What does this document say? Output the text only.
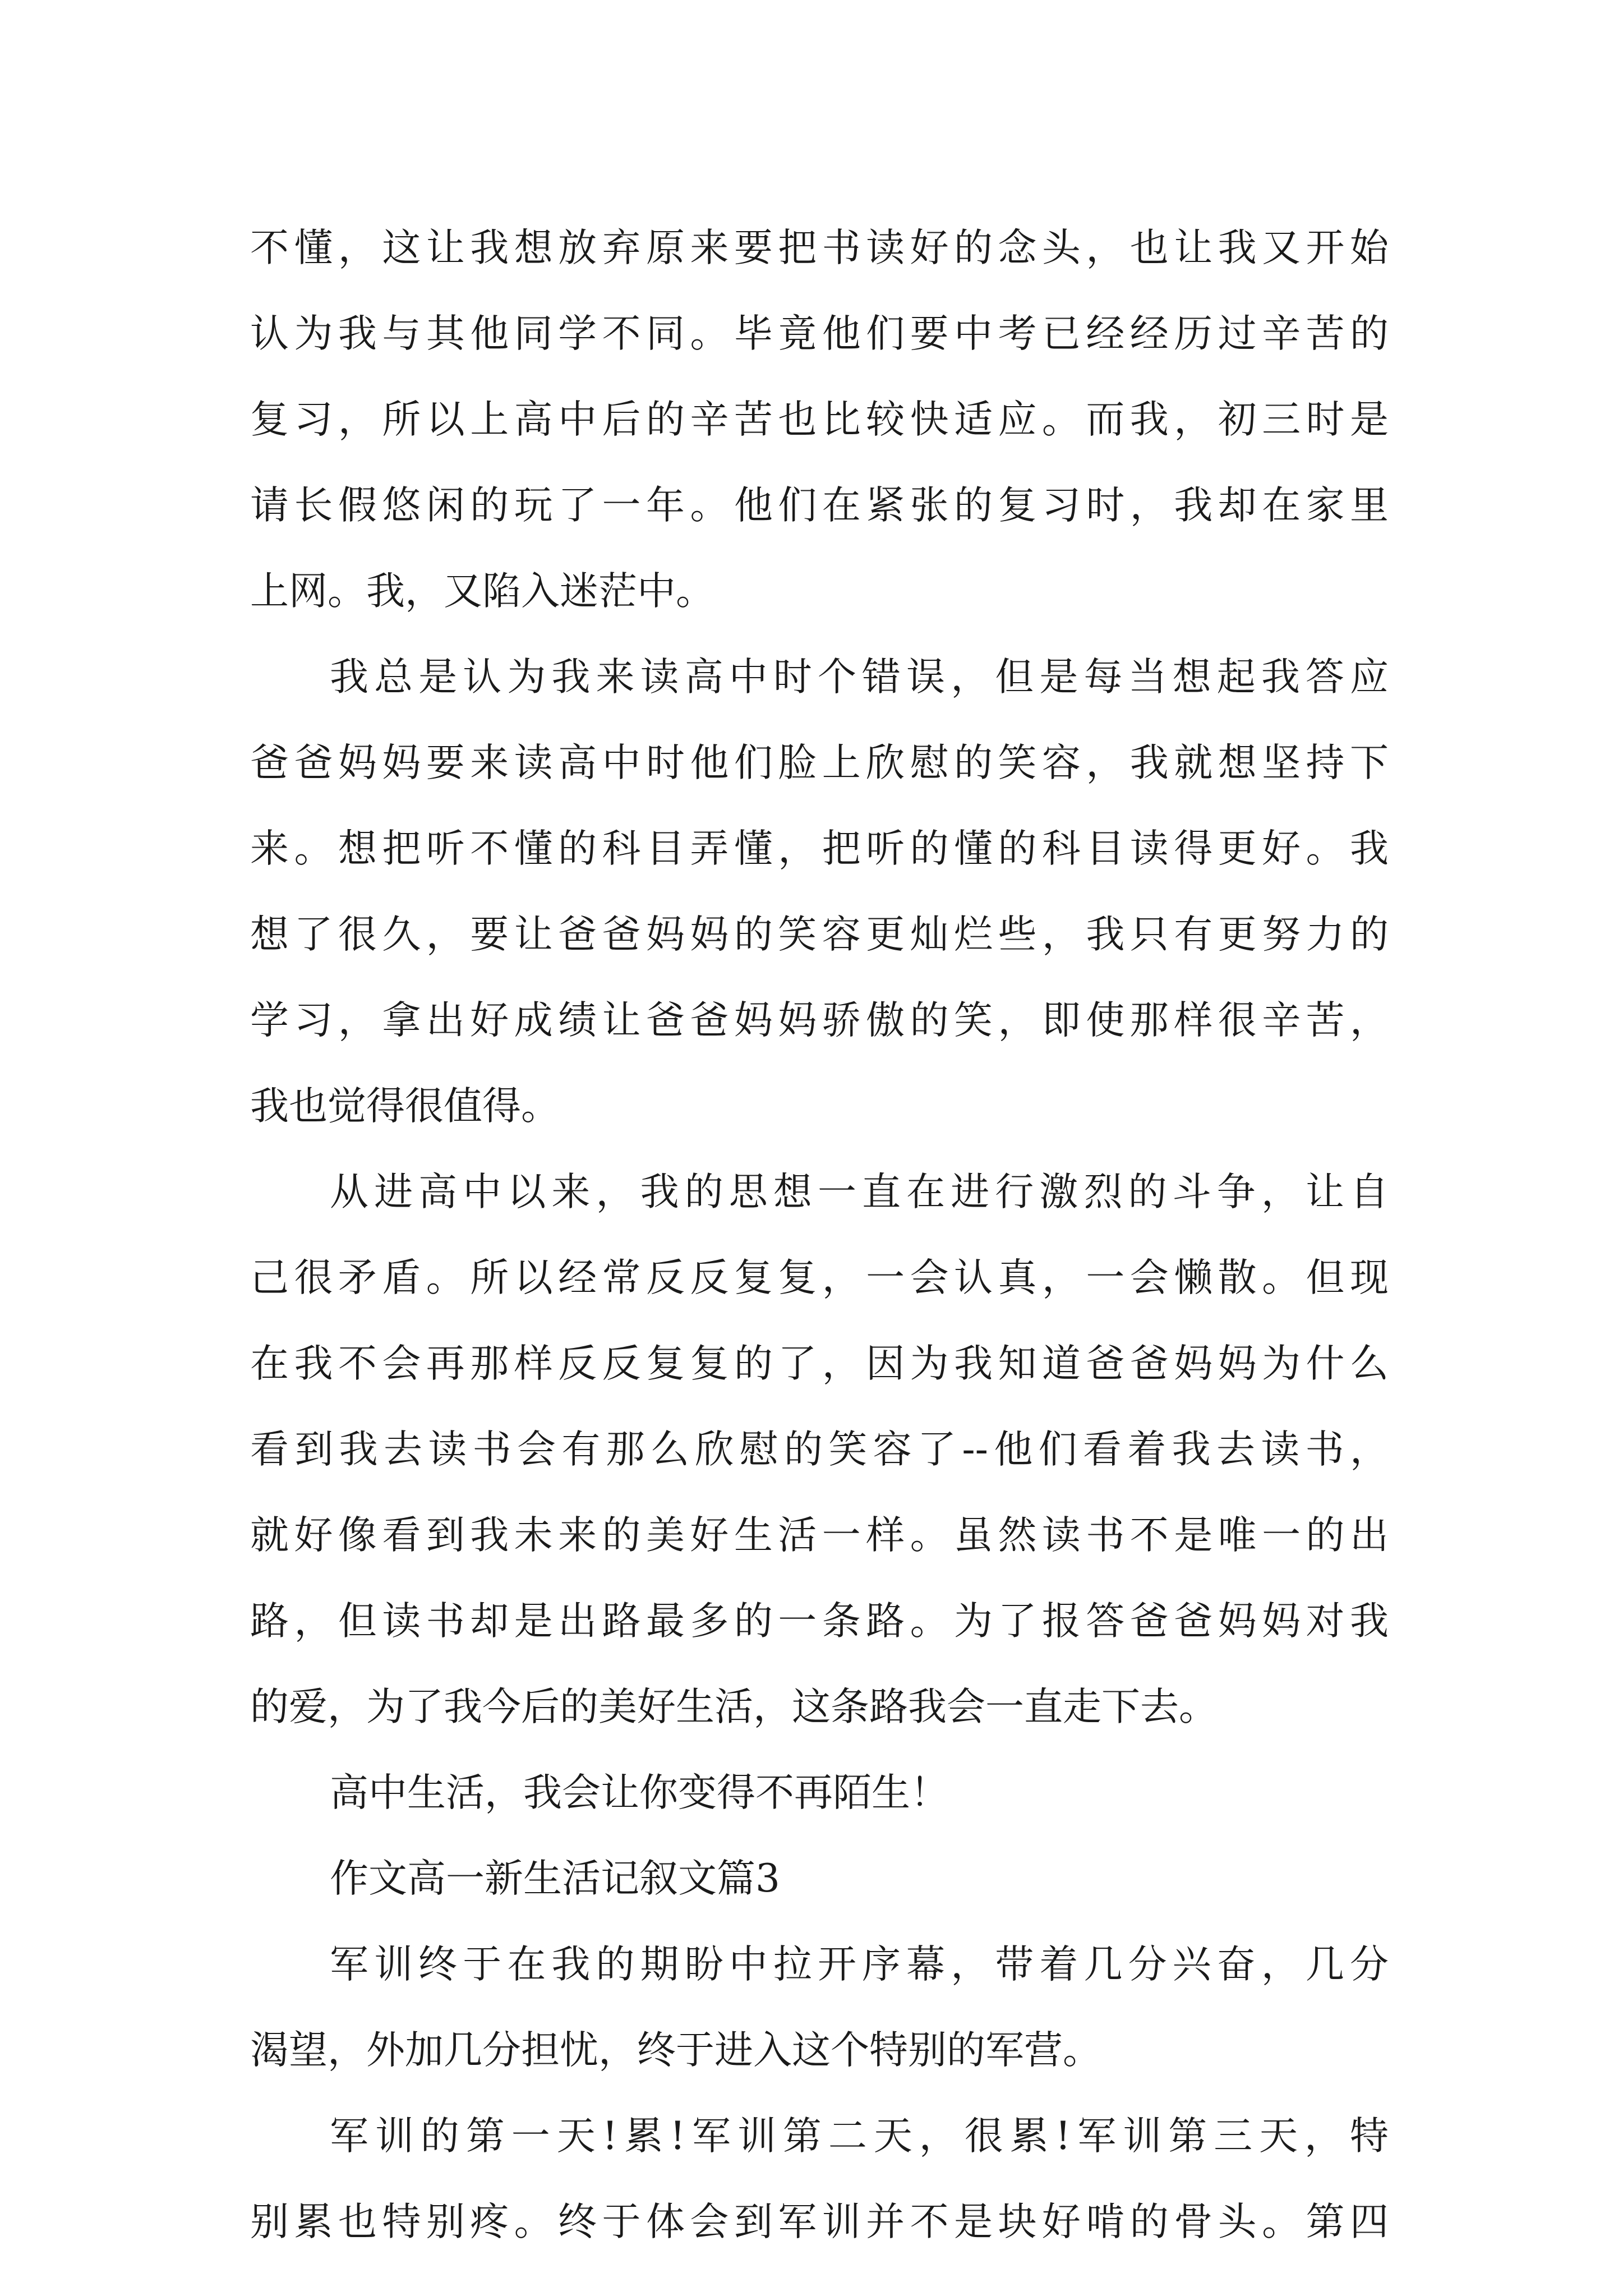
不懂，这让我想放弃原来要把书读好的念头，也让我又开始
认为我与其他同学不同。毕竟他们要中考已经经历过辛苦的
复习，所以上高中后的辛苦也比较快适应。而我，初三时是
请长假悠闲的玩了一年。他们在紧张的复习时，我却在家里
上网。我，又陷入迷茫中。
我总是认为我来读高中时个错误，但是每当想起我答应
爸爸妈妈要来读高中时他们脸上欣慰的笑容，我就想坚持下
来。想把听不懂的科目弄懂，把听的懂的科目读得更好。我
想了很久，要让爸爸妈妈的笑容更灿烂些，我只有更努力的
学习，拿出好成绩让爸爸妈妈骄傲的笑，即使那样很辛苦，
我也觉得很值得。
从进高中以来，我的思想一直在进行激烈的斗争，让自
己很矛盾。所以经常反反复复，一会认真，一会懒散。但现
在我不会再那样反反复复的了，因为我知道爸爸妈妈为什么
看到我去读书会有那么欣慰的笑容了--他们看着我去读书，
就好像看到我未来的美好生活一样。虽然读书不是唯一的出
路，但读书却是出路最多的一条路。为了报答爸爸妈妈对我
的爱，为了我今后的美好生活，这条路我会一直走下去。
高中生活，我会让你变得不再陌生！
作文高一新生活记叙文篇3
军训终于在我的期盼中拉开序幕，带着几分兴奋，几分
渴望，外加几分担忧，终于进入这个特别的军营。
军训的第一天!累!军训第二天，很累!军训第三天，特
别累也特别疼。终于体会到军训并不是块好啃的骨头。第四
